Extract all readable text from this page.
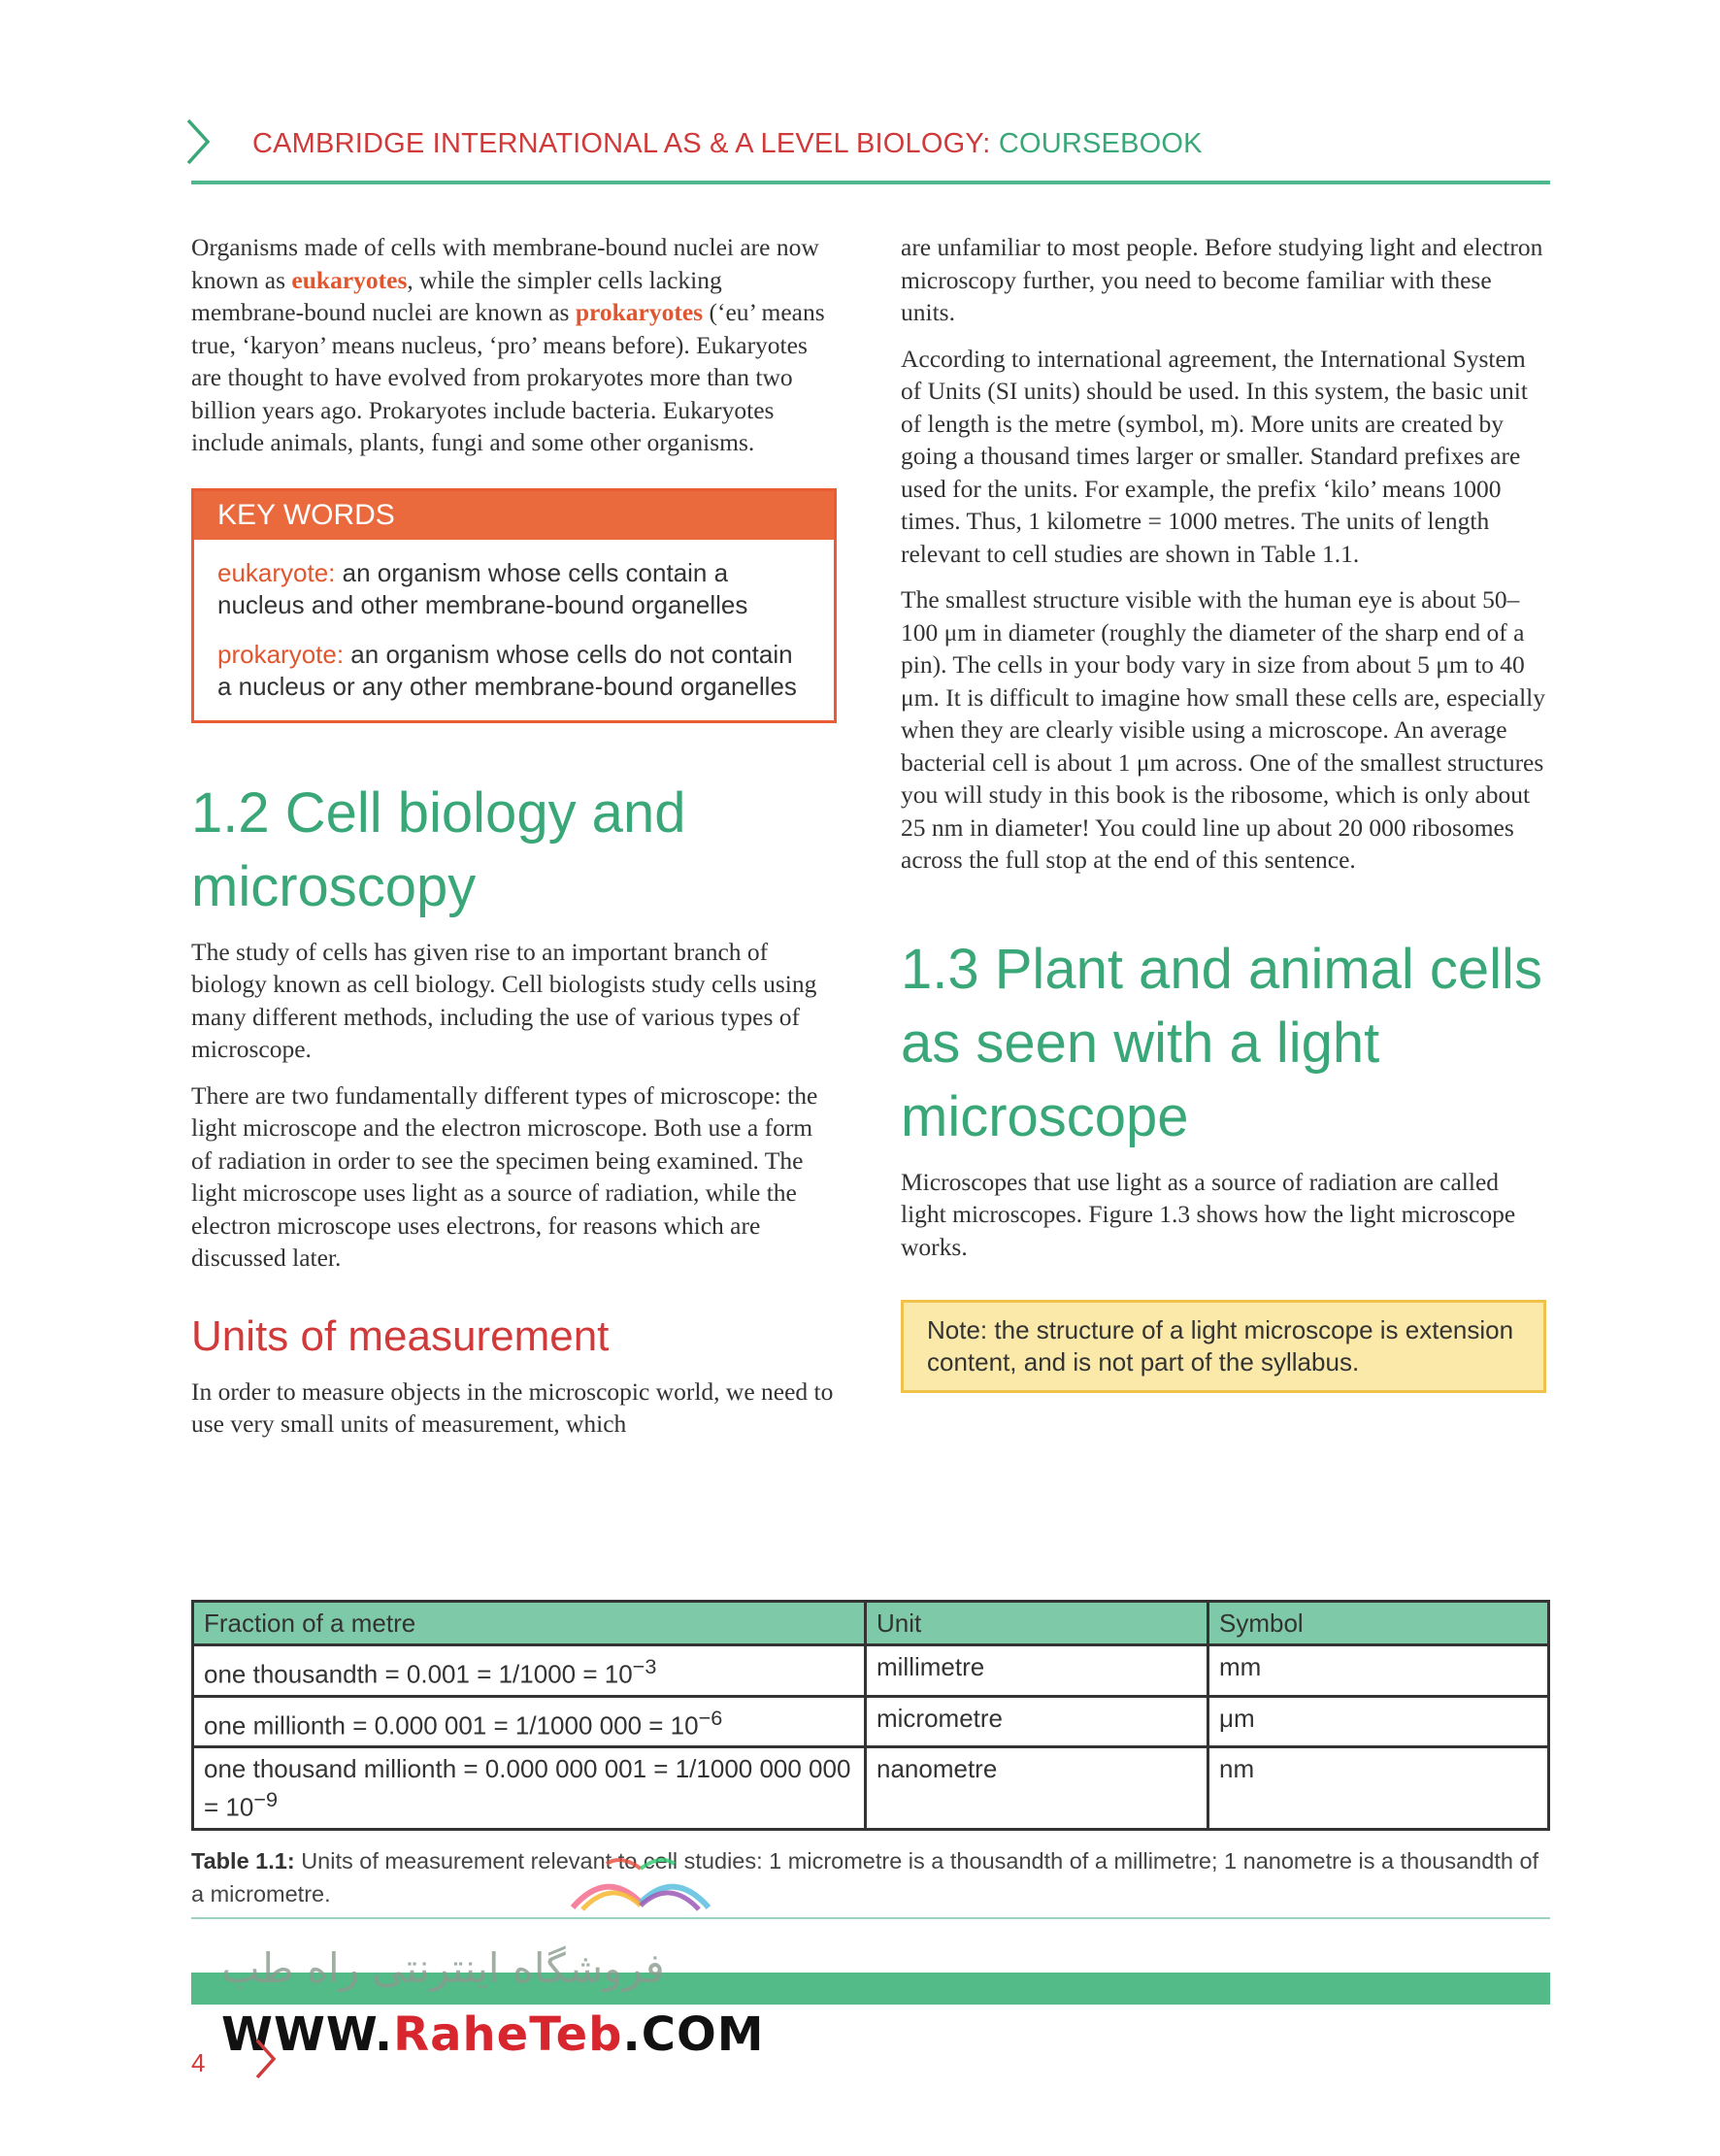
CAMBRIDGE INTERNATIONAL AS & A LEVEL BIOLOGY: COURSEBOOK

Organisms made of cells with membrane-bound nuclei are now known as eukaryotes, while the simpler cells lacking membrane-bound nuclei are known as prokaryotes (‘eu’ means true, ‘karyon’ means nucleus, ‘pro’ means before). Eukaryotes are thought to have evolved from prokaryotes more than two billion years ago. Prokaryotes include bacteria. Eukaryotes include animals, plants, fungi and some other organisms.

KEY WORDS

eukaryote: an organism whose cells contain a nucleus and other membrane-bound organelles

prokaryote: an organism whose cells do not contain a nucleus or any other membrane-bound organelles

1.2 Cell biology and microscopy

The study of cells has given rise to an important branch of biology known as cell biology. Cell biologists study cells using many different methods, including the use of various types of microscope.

There are two fundamentally different types of microscope: the light microscope and the electron microscope. Both use a form of radiation in order to see the specimen being examined. The light microscope uses light as a source of radiation, while the electron microscope uses electrons, for reasons which are discussed later.

Units of measurement

In order to measure objects in the microscopic world, we need to use very small units of measurement, which

are unfamiliar to most people. Before studying light and electron microscopy further, you need to become familiar with these units.

According to international agreement, the International System of Units (SI units) should be used. In this system, the basic unit of length is the metre (symbol, m). More units are created by going a thousand times larger or smaller. Standard prefixes are used for the units. For example, the prefix ‘kilo’ means 1000 times. Thus, 1 kilometre = 1000 metres. The units of length relevant to cell studies are shown in Table 1.1.

The smallest structure visible with the human eye is about 50–100 μm in diameter (roughly the diameter of the sharp end of a pin). The cells in your body vary in size from about 5 μm to 40 μm. It is difficult to imagine how small these cells are, especially when they are clearly visible using a microscope. An average bacterial cell is about 1 μm across. One of the smallest structures you will study in this book is the ribosome, which is only about 25 nm in diameter! You could line up about 20 000 ribosomes across the full stop at the end of this sentence.

1.3 Plant and animal cells as seen with a light microscope

Microscopes that use light as a source of radiation are called light microscopes. Figure 1.3 shows how the light microscope works.

Note: the structure of a light microscope is extension content, and is not part of the syllabus.
Fraction of a metre	Unit	Symbol
one thousandth = $0.001 = 1/1000 = 10^{-3}$	millimetre	mm
one millionth = 0.000 001 = 1/1000 $000 = 10^{-6}$	micrometre	μm
one thousand millionth = 0.000 000 001 = 1/1000 000 $000 = 10^{-9}$	nanometre	nm
Table 1.1: Units of measurement relevant to cell studies: 1 micrometre is a thousandth of a millimetre; 1 nanometre is a thousandth of a micrometre.
فروشگاه اینترنتی راه طب
WWW.RaheTeb.COM
4
